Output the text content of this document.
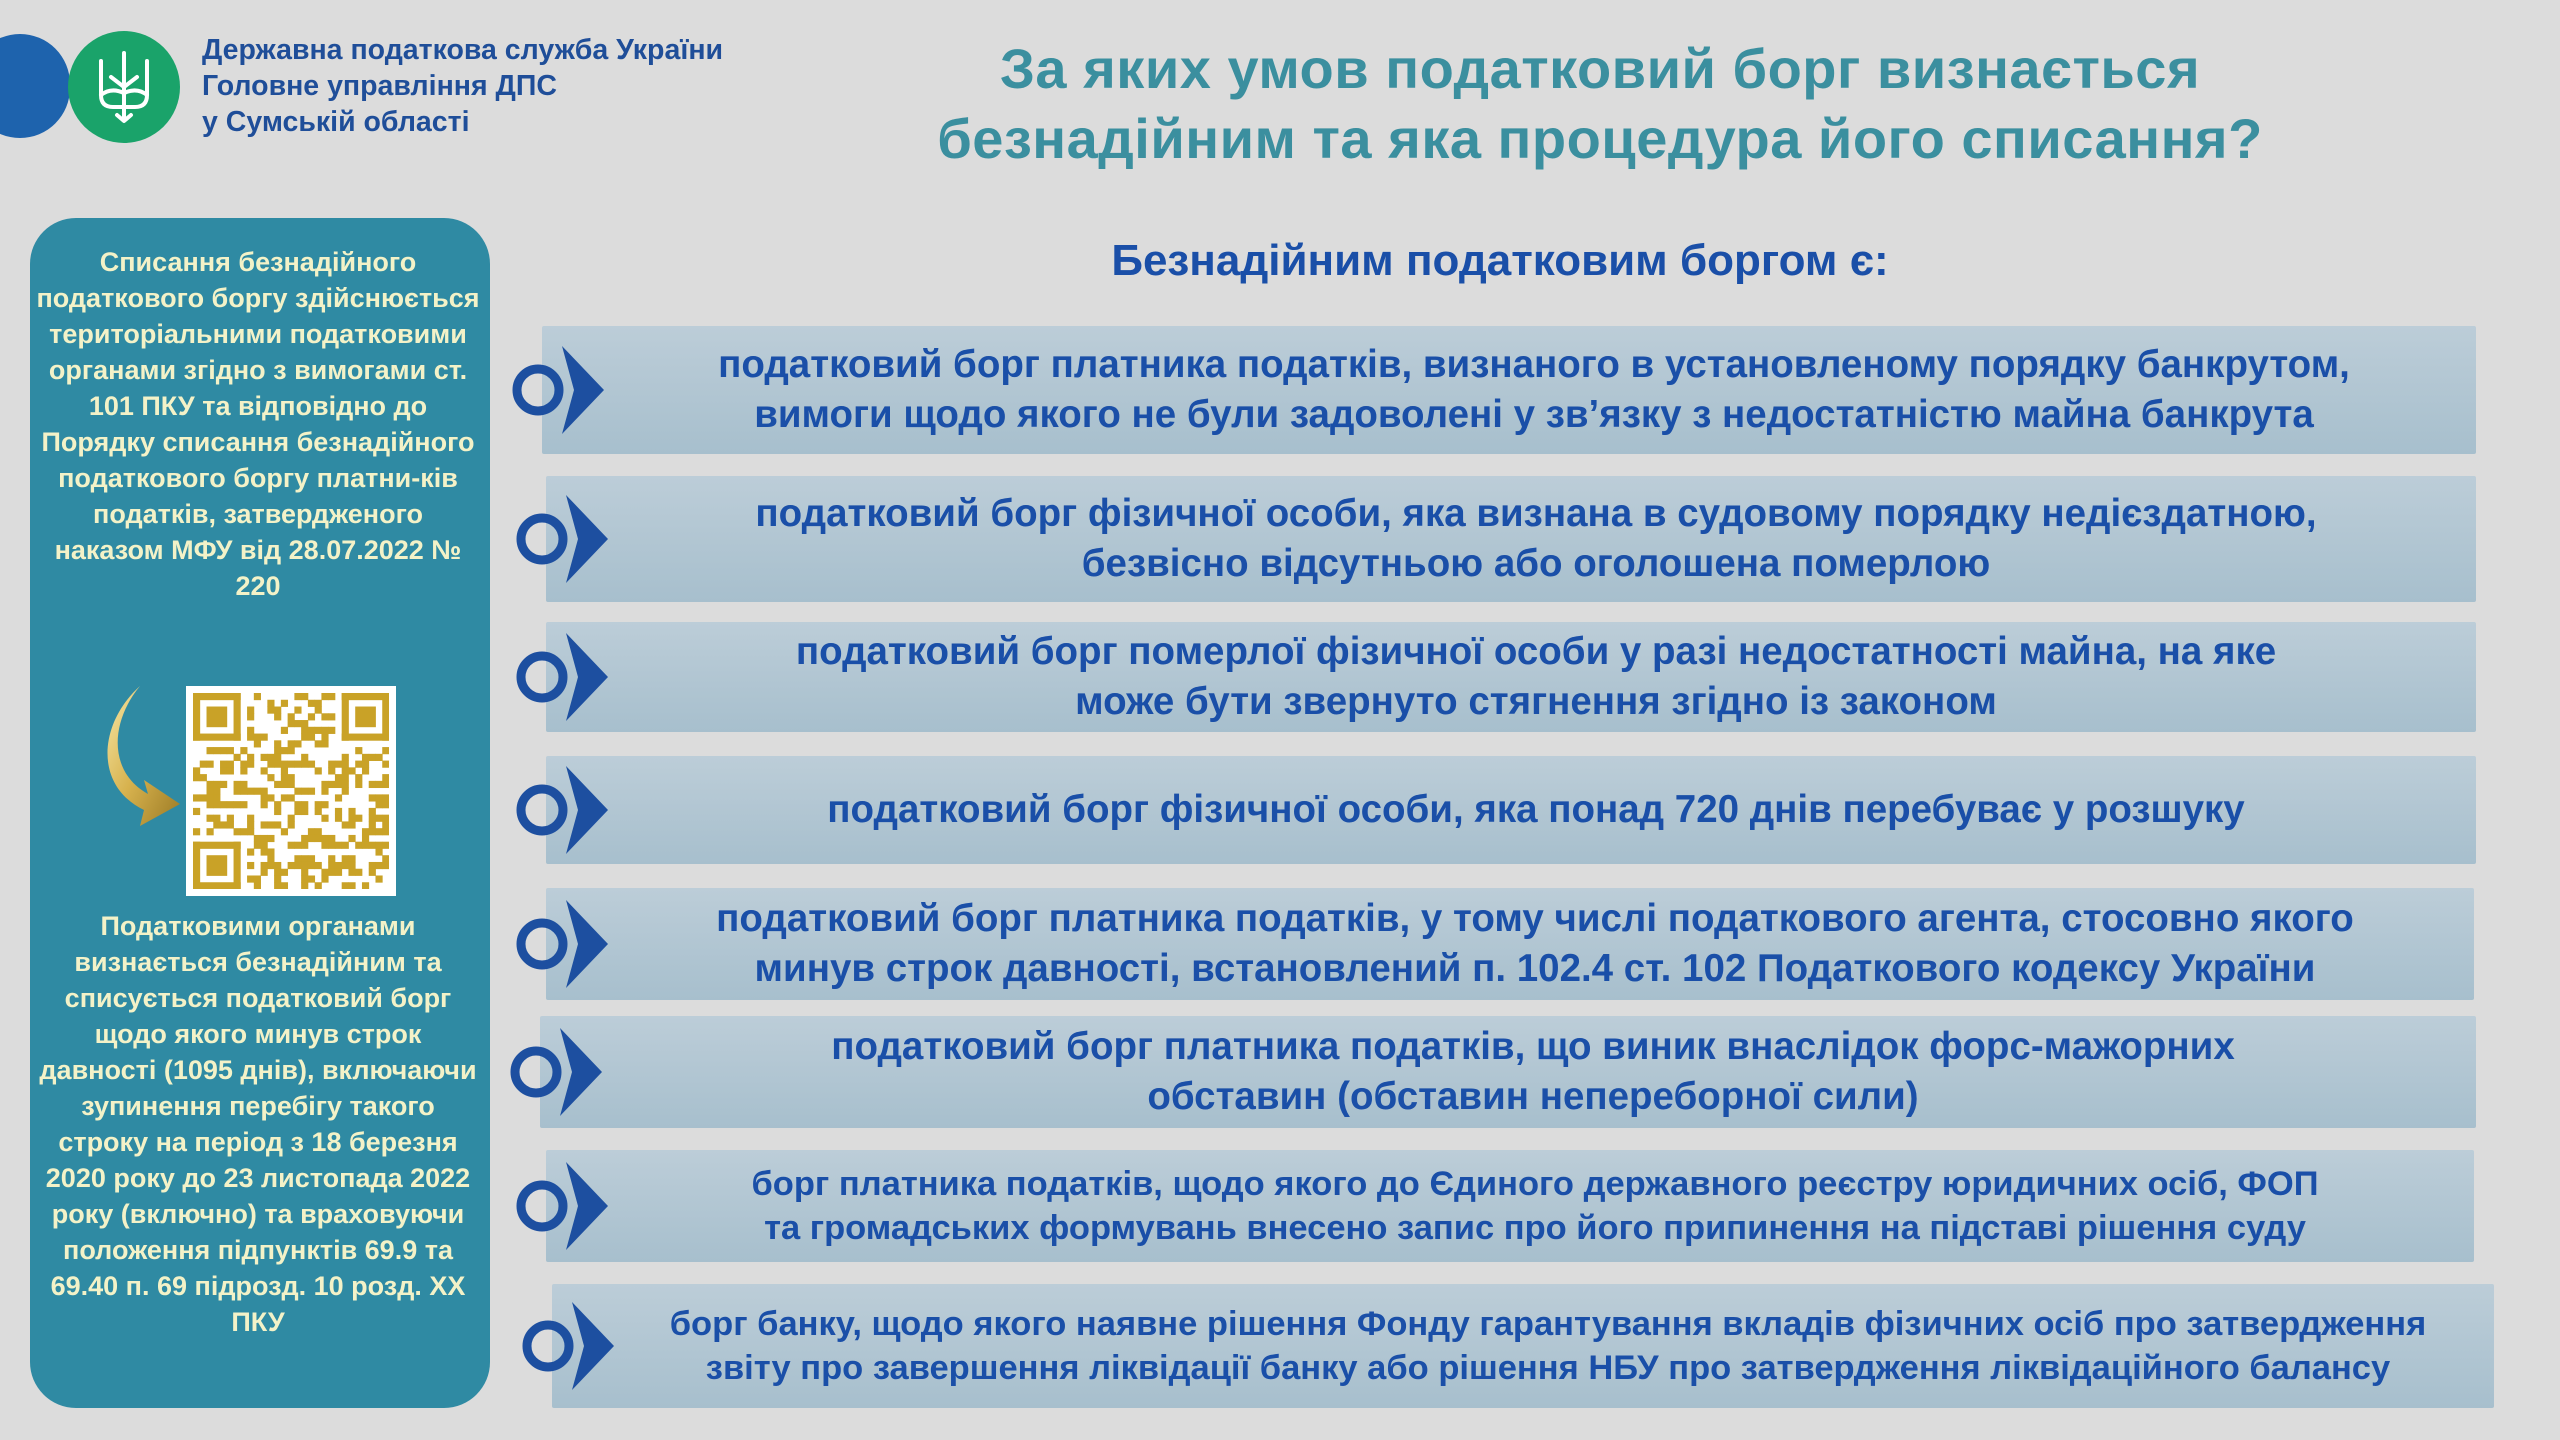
Державна податкова служба України
Головне управління ДПС
у Сумській області
За яких умов податковий борг визнається
безнадійним та яка процедура його списання?
Списання безнадійного податкового боргу здійснюється територіальними податковими органами згідно з вимогами ст. 101 ПКУ та відповідно до Порядку списання безнадійного податкового боргу платни-ків податків, затвердженого наказом МФУ від 28.07.2022 № 220
Податковими органами визнається безнадійним та списується податковий борг щодо якого минув строк давності (1095 днів), включаючи зупинення перебігу такого строку на період з 18 березня 2020 року до 23 листопада 2022 року (включно) та враховуючи положення підпунктів 69.9 та 69.40 п. 69 підрозд. 10 розд. ХХ ПКУ
Безнадійним податковим боргом є:
податковий борг платника податків, визнаного в установленому порядку банкрутом,
вимоги щодо якого не були задоволені у зв’язку з недостатністю майна банкрута
податковий борг фізичної особи, яка визнана в судовому порядку недієздатною,
безвісно відсутньою або оголошена померлою
податковий борг померлої фізичної особи у разі недостатності майна, на яке
може бути звернуто стягнення згідно із законом
податковий борг фізичної особи, яка понад 720 днів перебуває у розшуку
податковий борг платника податків, у тому числі податкового агента, стосовно якого
минув строк давності, встановлений п. 102.4 ст. 102 Податкового кодексу України
податковий борг платника податків, що виник внаслідок форс-мажорних
обставин (обставин непереборної сили)
борг платника податків, щодо якого до Єдиного державного реєстру юридичних осіб, ФОП
та громадських формувань внесено запис про його припинення на підставі рішення суду
борг банку, щодо якого наявне рішення Фонду гарантування вкладів фізичних осіб про затвердження
звіту про завершення ліквідації банку або рішення НБУ про затвердження ліквідаційного балансу
